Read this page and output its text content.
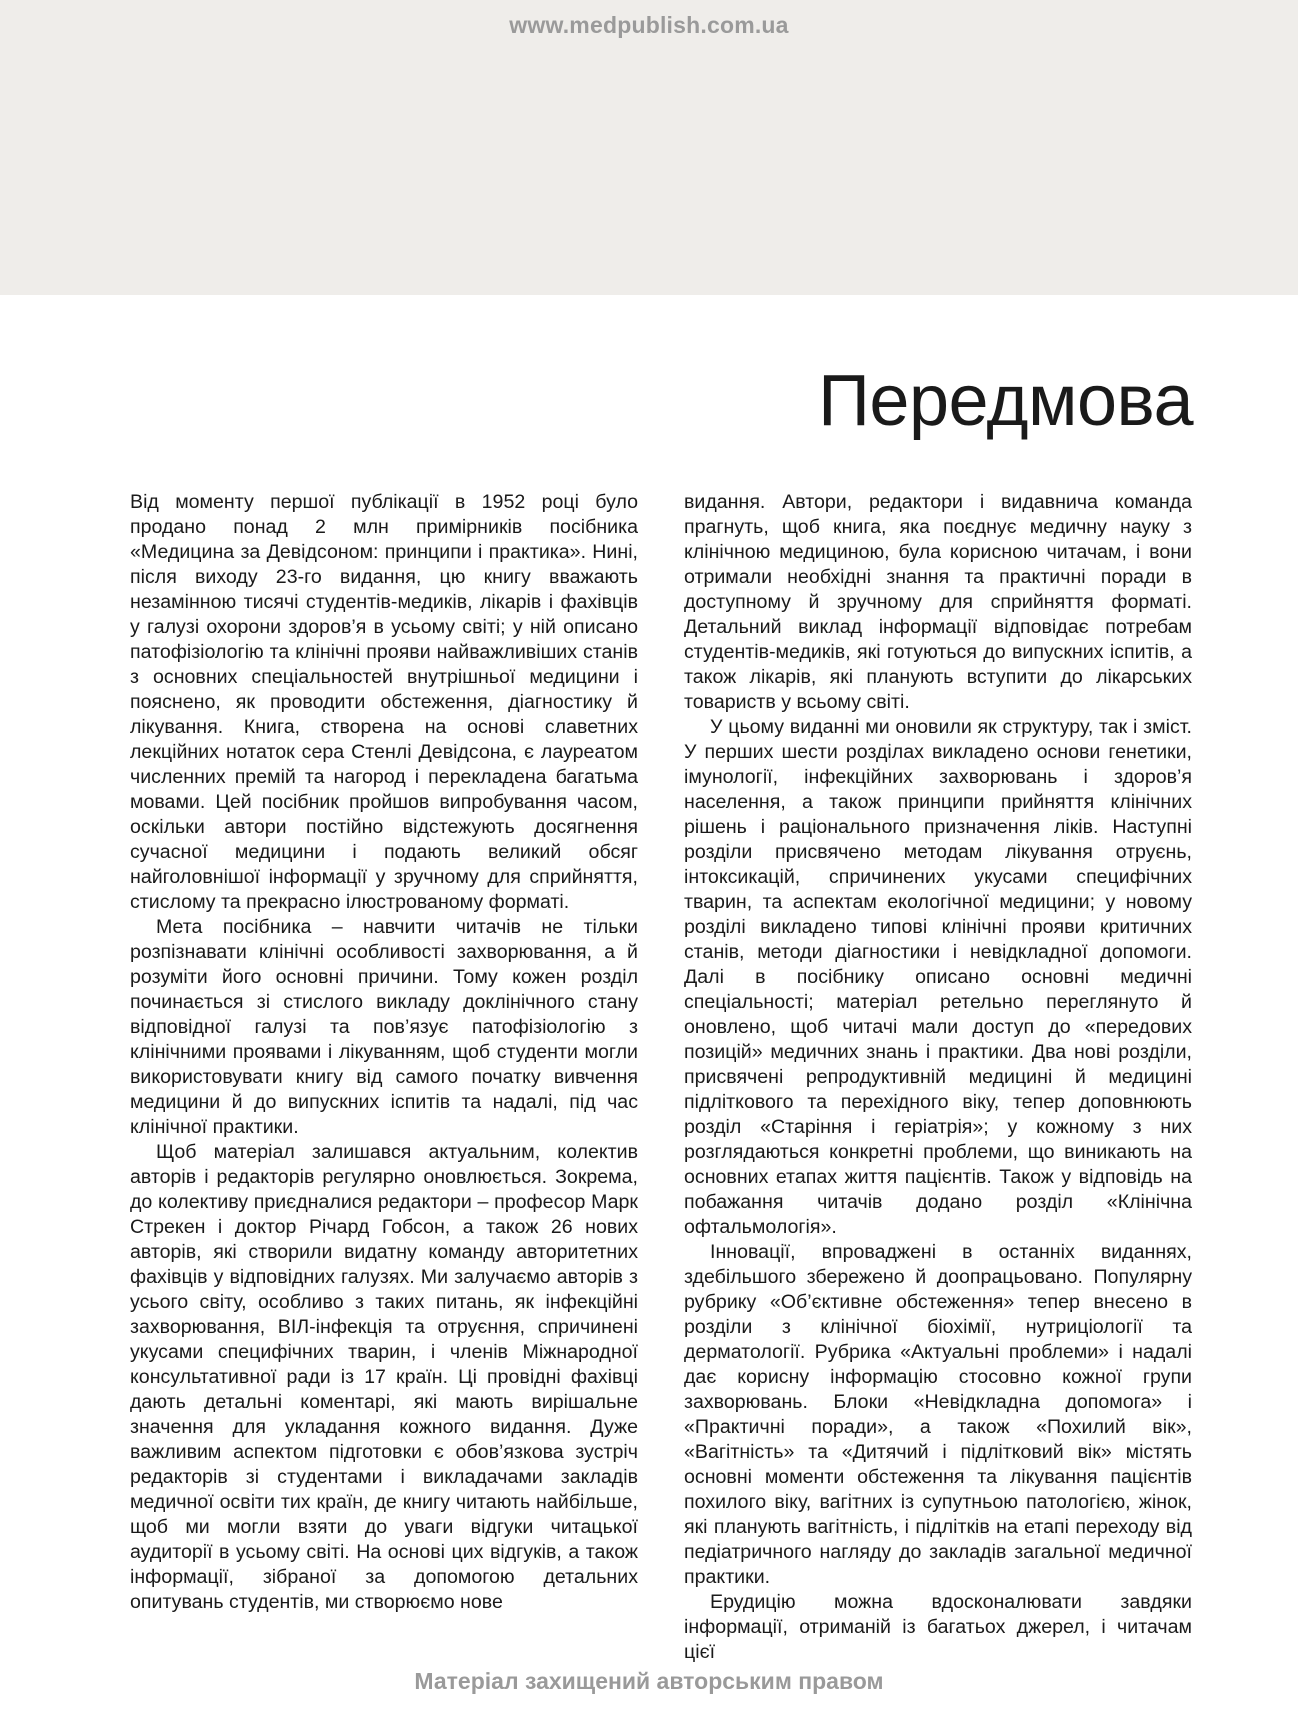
www.medpublish.com.ua
Передмова

Від моменту першої публікації в 1952 році було продано понад 2 млн примірників посібника «Медицина за Девідсоном: принципи і практика». Нині, після виходу 23-го видання, цю книгу вважають незамінною тисячі студентів-медиків, лікарів і фахівців у галузі охорони здоров’я в усьому світі; у ній описано патофізіологію та клінічні прояви найважливіших станів з основних спеціальностей внутрішньої медицини і пояснено, як проводити обстеження, діагностику й лікування. Книга, створена на основі славетних лекційних нотаток сера Стенлі Девідсона, є лауреатом численних премій та нагород і перекладена багатьма мовами. Цей посібник пройшов випробування часом, оскільки автори постійно відстежують досягнення сучасної медицини і подають великий обсяг найголовнішої інформації у зручному для сприйняття, стислому та прекрасно ілюстрованому форматі.

Мета посібника – навчити читачів не тільки розпізнавати клінічні особливості захворювання, а й розуміти його основні причини. Тому кожен розділ починається зі стислого викладу доклінічного стану відповідної галузі та пов’язує патофізіологію з клінічними проявами і лікуванням, щоб студенти могли використовувати книгу від самого початку вивчення медицини й до випускних іспитів та надалі, під час клінічної практики.

Щоб матеріал залишався актуальним, колектив авторів і редакторів регулярно оновлюється. Зокрема, до колективу приєдналися редактори – професор Марк Стрекен і доктор Річард Гобсон, а також 26 нових авторів, які створили видатну команду авторитетних фахівців у відповідних галузях. Ми залучаємо авторів з усього світу, особливо з таких питань, як інфекційні захворювання, ВІЛ-інфекція та отруєння, спричинені укусами специфічних тварин, і членів Міжнародної консультативної ради із 17 країн. Ці провідні фахівці дають детальні коментарі, які мають вирішальне значення для укладання кожного видання. Дуже важливим аспектом підготовки є обов’язкова зустріч редакторів зі студентами і викладачами закладів медичної освіти тих країн, де книгу читають найбільше, щоб ми могли взяти до уваги відгуки читацької аудиторії в усьому світі. На основі цих відгуків, а також інформації, зібраної за допомогою детальних опитувань студентів, ми створюємо нове

видання. Автори, редактори і видавнича команда прагнуть, щоб книга, яка поєднує медичну науку з клінічною медициною, була корисною читачам, і вони отримали необхідні знання та практичні поради в доступному й зручному для сприйняття форматі. Детальний виклад інформації відповідає потребам студентів-медиків, які готуються до випускних іспитів, а також лікарів, які планують вступити до лікарських товариств у всьому світі.

У цьому виданні ми оновили як структуру, так і зміст. У перших шести розділах викладено основи генетики, імунології, інфекційних захворювань і здоров’я населення, а також принципи прийняття клінічних рішень і раціонального призначення ліків. Наступні розділи присвячено методам лікування отруєнь, інтоксикацій, спричинених укусами специфічних тварин, та аспектам екологічної медицини; у новому розділі викладено типові клінічні прояви критичних станів, методи діагностики і невідкладної допомоги. Далі в посібнику описано основні медичні спеціальності; матеріал ретельно переглянуто й оновлено, щоб читачі мали доступ до «передових позицій» медичних знань і практики. Два нові розділи, присвячені репродуктивній медицині й медицині підліткового та перехідного віку, тепер доповнюють розділ «Старіння і геріатрія»; у кожному з них розглядаються конкретні проблеми, що виникають на основних етапах життя пацієнтів. Також у відповідь на побажання читачів додано розділ «Клінічна офтальмологія».

Інновації, впроваджені в останніх виданнях, здебільшого збережено й доопрацьовано. Популярну рубрику «Об’єктивне обстеження» тепер внесено в розділи з клінічної біохімії, нутриціології та дерматології. Рубрика «Актуальні проблеми» і надалі дає корисну інформацію стосовно кожної групи захворювань. Блоки «Невідкладна допомога» і «Практичні поради», а також «Похилий вік», «Вагітність» та «Дитячий і підлітковий вік» містять основні моменти обстеження та лікування пацієнтів похилого віку, вагітних із супутньою патологією, жінок, які планують вагітність, і підлітків на етапі переходу від педіатричного нагляду до закладів загальної медичної практики.

Ерудицію можна вдосконалювати завдяки інформації, отриманій із багатьох джерел, і читачам цієї

Матеріал захищений авторським правом
